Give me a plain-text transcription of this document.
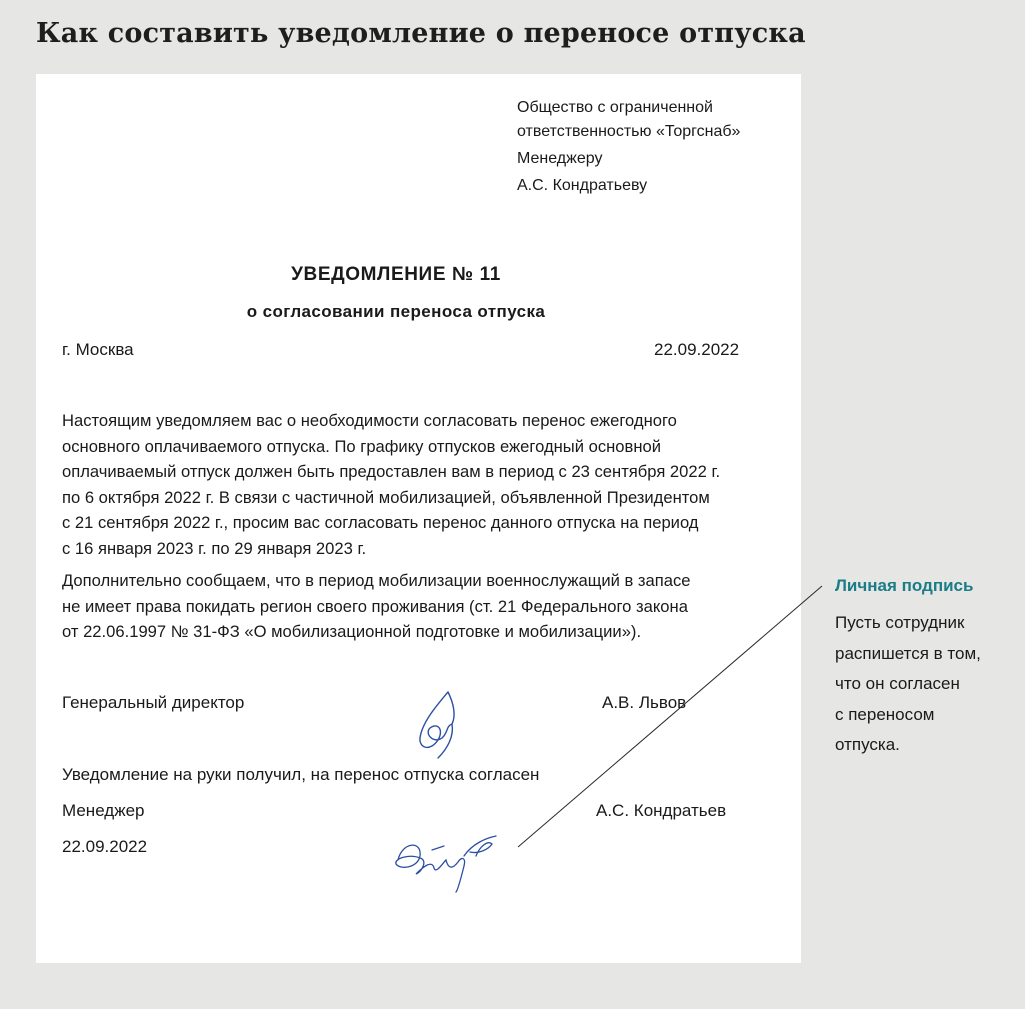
Как составить уведомление о переносе отпуска
Общество с ограниченной
ответственностью «Торгснаб»
Менеджеру
А.С. Кондратьеву
УВЕДОМЛЕНИЕ № 11
о согласовании переноса отпуска
г. Москва	22.09.2022
Настоящим уведомляем вас о необходимости согласовать перенос ежегодного
основного оплачиваемого отпуска. По графику отпусков ежегодный основной
оплачиваемый отпуск должен быть предоставлен вам в период с 23 сентября 2022 г.
по 6 октября 2022 г. В связи с частичной мобилизацией, объявленной Президентом
с 21 сентября 2022 г., просим вас согласовать перенос данного отпуска на период
с 16 января 2023 г. по 29 января 2023 г.
Дополнительно сообщаем, что в период мобилизации военнослужащий в запасе
не имеет права покидать регион своего проживания (ст. 21 Федерального закона
от 22.06.1997 № 31-ФЗ «О мобилизационной подготовке и мобилизации»).
Генеральный директор	А.В. Львов
Уведомление на руки получил, на перенос отпуска согласен
Менеджер	А.С. Кондратьев
22.09.2022
Личная подпись
Пусть сотрудник
распишется в том,
что он согласен
с переносом
отпуска.
